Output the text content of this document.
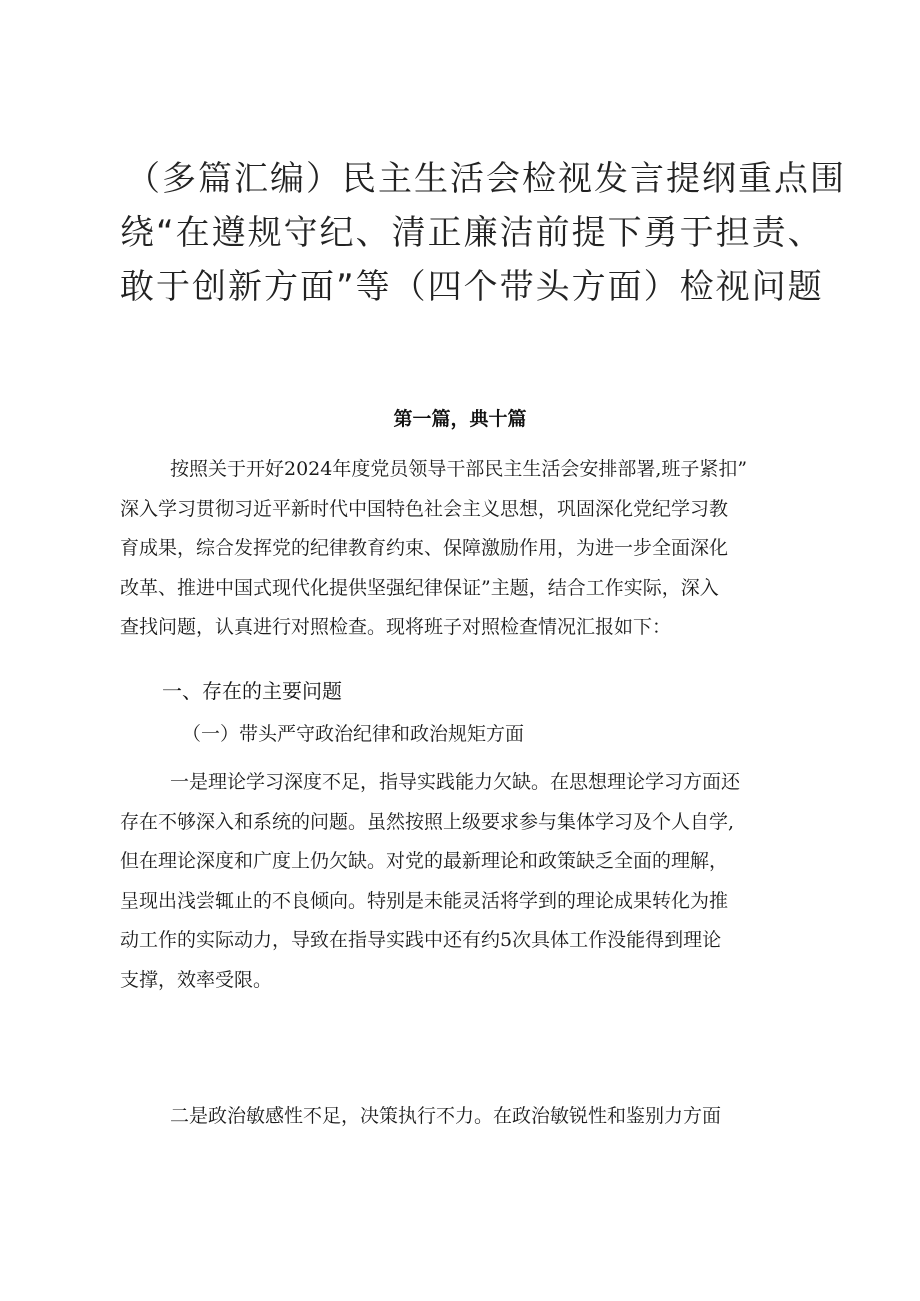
（多篇汇编）民主生活会检视发言提纲重点围
绕“在遵规守纪、清正廉洁前提下勇于担责、
敢于创新方面”等（四个带头方面）检视问题
第一篇，典十篇
按照关于开好2024年度党员领导干部民主生活会安排部署,班子紧扣”
深入学习贯彻习近平新时代中国特色社会主义思想，巩固深化党纪学习教
育成果，综合发挥党的纪律教育约束、保障激励作用，为进一步全面深化
改革、推进中国式现代化提供坚强纪律保证”主题，结合工作实际，深入
查找问题，认真进行对照检查。现将班子对照检查情况汇报如下：
一、存在的主要问题
（一）带头严守政治纪律和政治规矩方面
一是理论学习深度不足，指导实践能力欠缺。在思想理论学习方面还
存在不够深入和系统的问题。虽然按照上级要求参与集体学习及个人自学,
但在理论深度和广度上仍欠缺。对党的最新理论和政策缺乏全面的理解，
呈现出浅尝辄止的不良倾向。特别是未能灵活将学到的理论成果转化为推
动工作的实际动力，导致在指导实践中还有约5次具体工作没能得到理论
支撑，效率受限。
二是政治敏感性不足，决策执行不力。在政治敏锐性和鉴别力方面
